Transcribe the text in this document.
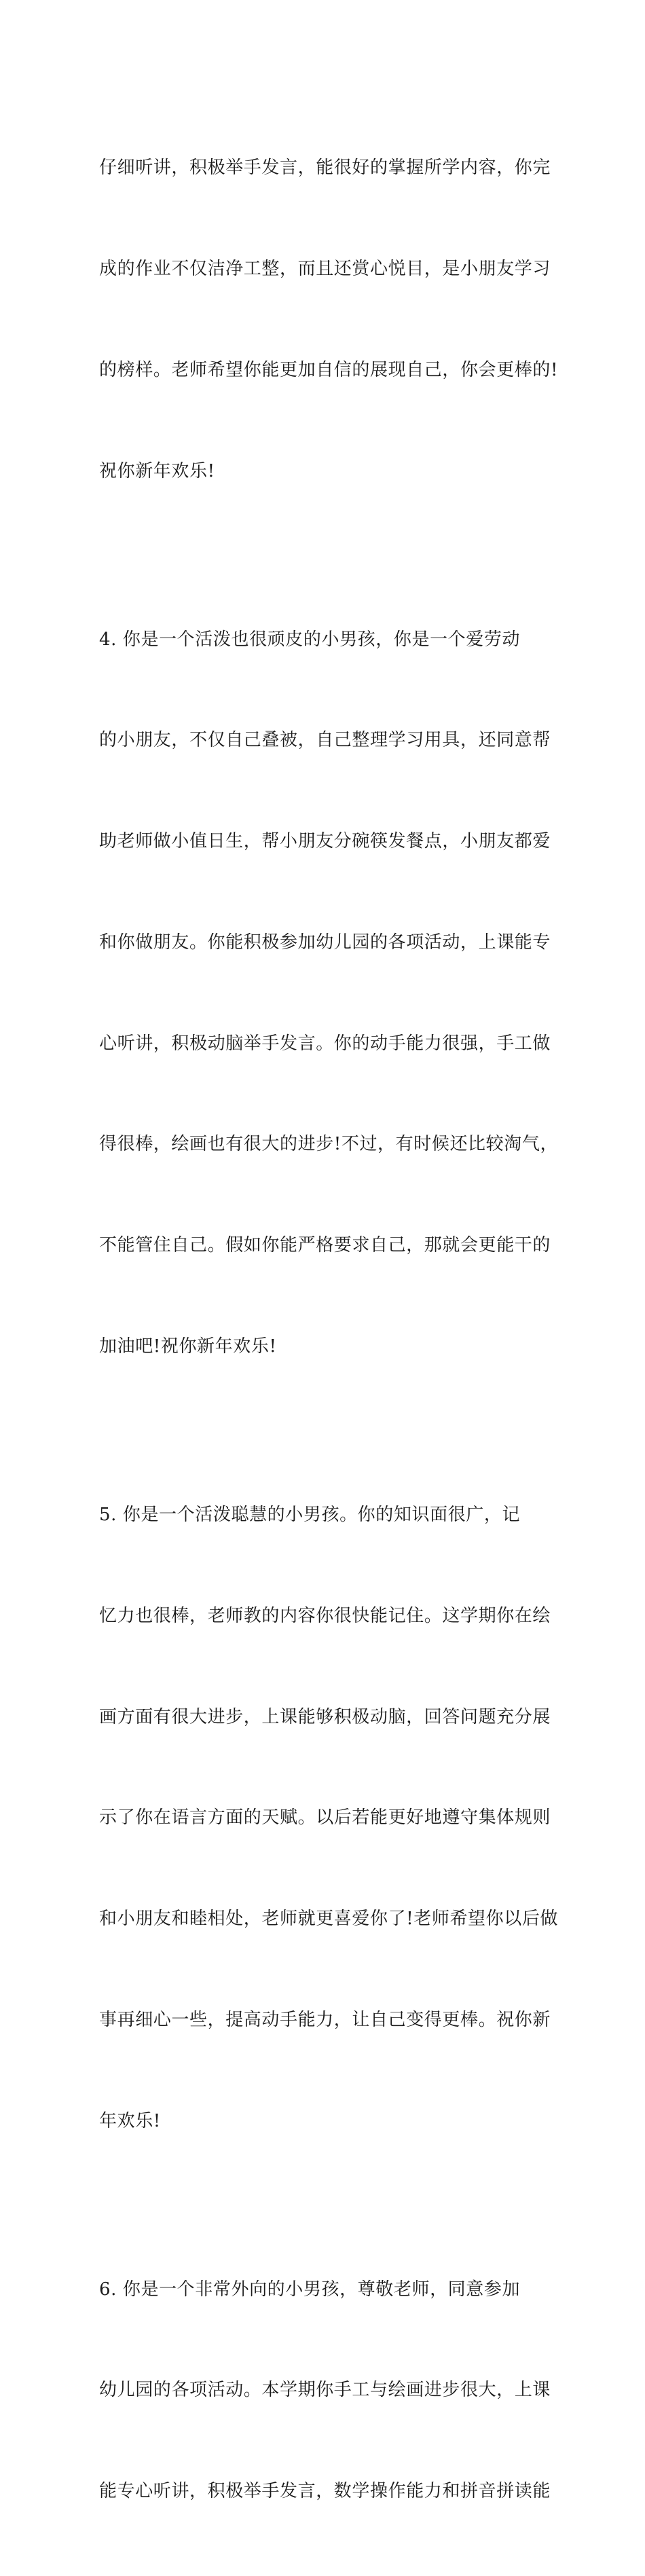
仔细听讲，积极举手发言，能很好的掌握所学内容，你完

成的作业不仅洁净工整，而且还赏心悦目，是小朋友学习

的榜样。老师希望你能更加自信的展现自己，你会更棒的!

祝你新年欢乐!

4. 你是一个活泼也很顽皮的小男孩，你是一个爱劳动

的小朋友，不仅自己叠被，自己整理学习用具，还同意帮

助老师做小值日生，帮小朋友分碗筷发餐点，小朋友都爱

和你做朋友。你能积极参加幼儿园的各项活动，上课能专

心听讲，积极动脑举手发言。你的动手能力很强，手工做

得很棒，绘画也有很大的进步!不过，有时候还比较淘气，

不能管住自己。假如你能严格要求自己，那就会更能干的

加油吧!祝你新年欢乐!

5. 你是一个活泼聪慧的小男孩。你的知识面很广，记

忆力也很棒，老师教的内容你很快能记住。这学期你在绘

画方面有很大进步，上课能够积极动脑，回答问题充分展

示了你在语言方面的天赋。以后若能更好地遵守集体规则

和小朋友和睦相处，老师就更喜爱你了!老师希望你以后做

事再细心一些，提高动手能力，让自己变得更棒。祝你新

年欢乐!

6. 你是一个非常外向的小男孩，尊敬老师，同意参加

幼儿园的各项活动。本学期你手工与绘画进步很大，上课

能专心听讲，积极举手发言，数学操作能力和拼音拼读能
